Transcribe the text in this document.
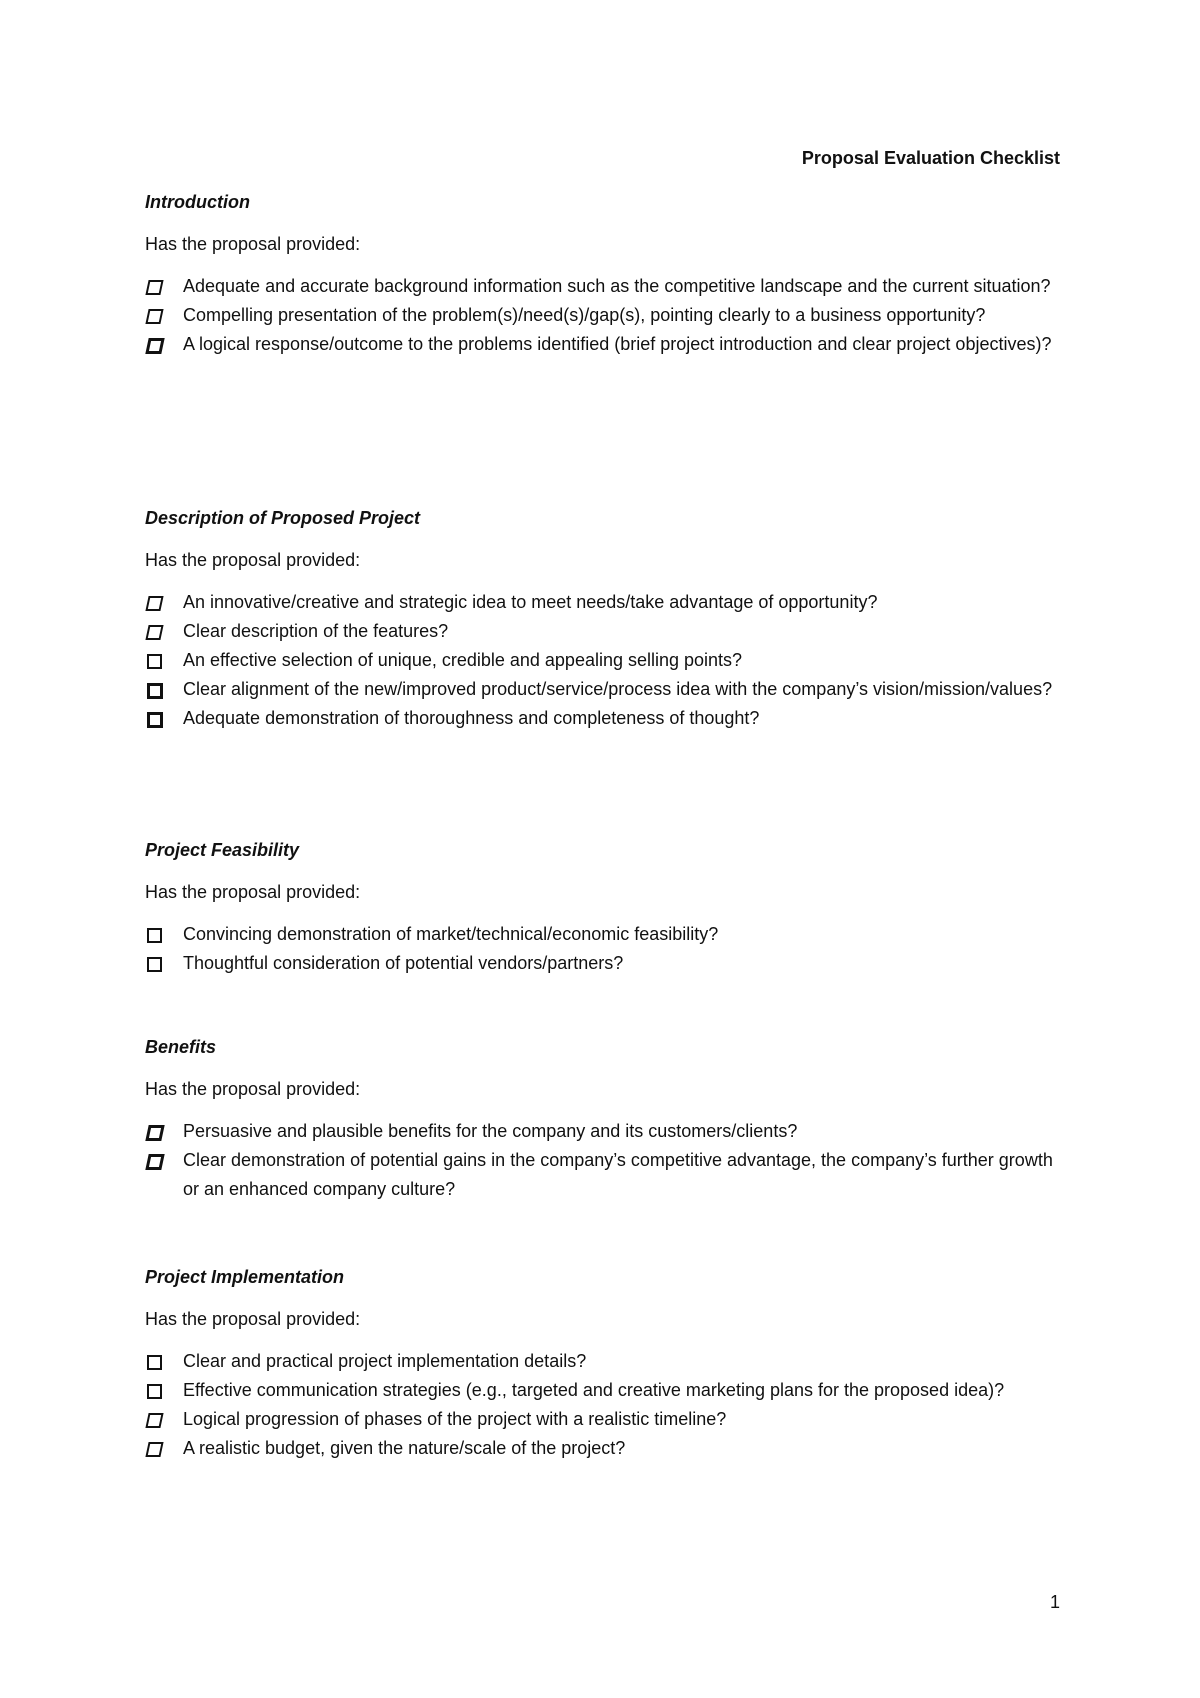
Proposal Evaluation Checklist

Introduction

Has the proposal provided:

Adequate and accurate background information such as the competitive landscape and the current situation?
Compelling presentation of the problem(s)/need(s)/gap(s), pointing clearly to a business opportunity?
A logical response/outcome to the problems identified (brief project introduction and clear project objectives)?

Description of Proposed Project

Has the proposal provided:

An innovative/creative and strategic idea to meet needs/take advantage of opportunity?
Clear description of the features?
An effective selection of unique, credible and appealing selling points?
Clear alignment of the new/improved product/service/process idea with the company’s vision/mission/values?
Adequate demonstration of thoroughness and completeness of thought?

Project Feasibility

Has the proposal provided:

Convincing demonstration of market/technical/economic feasibility?
Thoughtful consideration of potential vendors/partners?

Benefits

Has the proposal provided:

Persuasive and plausible benefits for the company and its customers/clients?
Clear demonstration of potential gains in the company’s competitive advantage, the company’s further growth or an enhanced company culture?

Project Implementation

Has the proposal provided:

Clear and practical project implementation details?
Effective communication strategies (e.g., targeted and creative marketing plans for the proposed idea)?
Logical progression of phases of the project with a realistic timeline?
A realistic budget, given the nature/scale of the project?
1
